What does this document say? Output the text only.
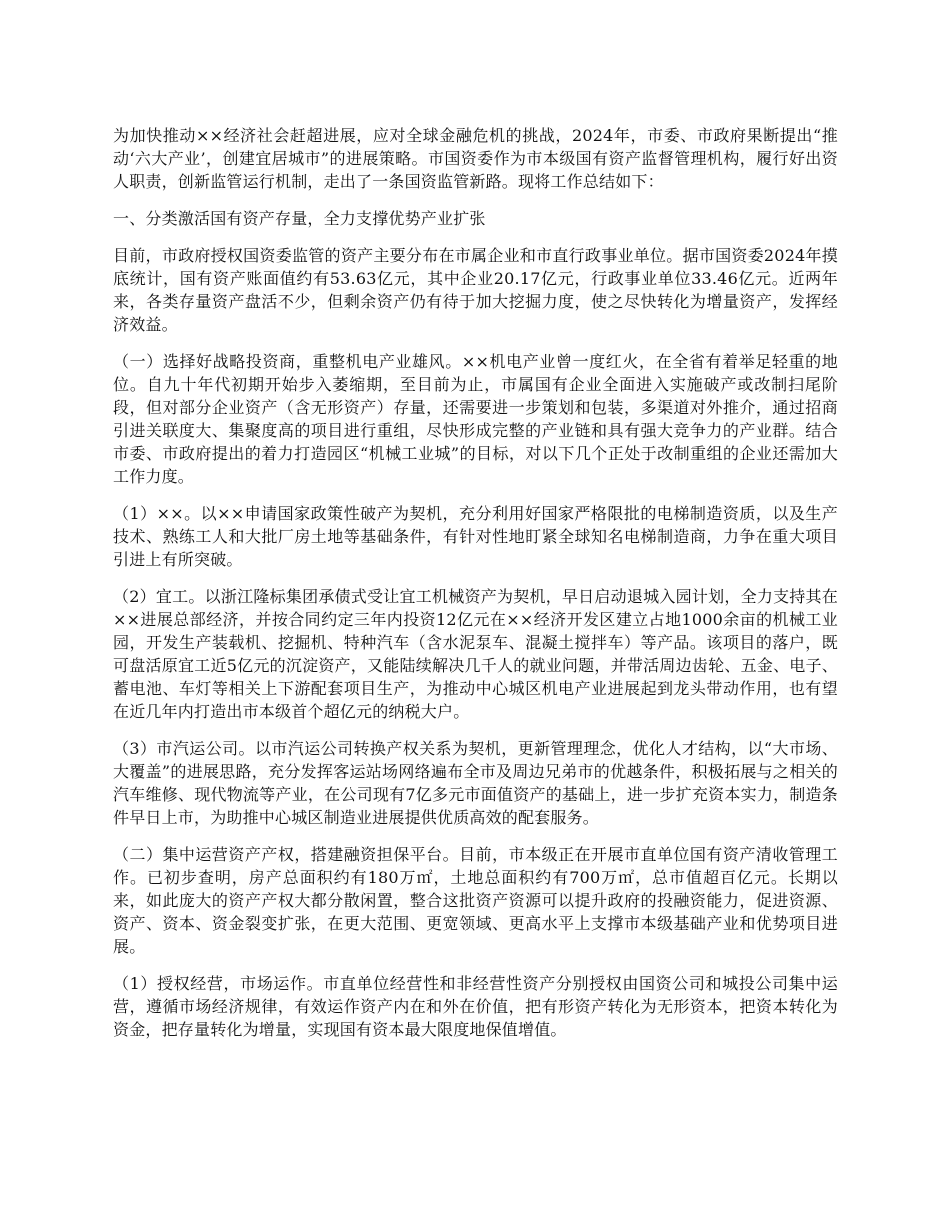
为加快推动××经济社会赶超进展，应对全球金融危机的挑战，2024年，市委、市政府果断提出“推动‘六大产业’，创建宜居城市”的进展策略。市国资委作为市本级国有资产监督管理机构，履行好出资人职责，创新监管运行机制，走出了一条国资监管新路。现将工作总结如下：

一、分类激活国有资产存量，全力支撑优势产业扩张

目前，市政府授权国资委监管的资产主要分布在市属企业和市直行政事业单位。据市国资委2024年摸底统计，国有资产账面值约有53.63亿元，其中企业20.17亿元，行政事业单位33.46亿元。近两年来，各类存量资产盘活不少，但剩余资产仍有待于加大挖掘力度，使之尽快转化为增量资产，发挥经济效益。

（一）选择好战略投资商，重整机电产业雄风。××机电产业曾一度红火，在全省有着举足轻重的地位。自九十年代初期开始步入萎缩期，至目前为止，市属国有企业全面进入实施破产或改制扫尾阶段，但对部分企业资产（含无形资产）存量，还需要进一步策划和包装，多渠道对外推介，通过招商引进关联度大、集聚度高的项目进行重组，尽快形成完整的产业链和具有强大竞争力的产业群。结合市委、市政府提出的着力打造园区“机械工业城”的目标，对以下几个正处于改制重组的企业还需加大工作力度。

（1）××。以××申请国家政策性破产为契机，充分利用好国家严格限批的电梯制造资质，以及生产技术、熟练工人和大批厂房土地等基础条件，有针对性地盯紧全球知名电梯制造商，力争在重大项目引进上有所突破。

（2）宜工。以浙江隆标集团承债式受让宜工机械资产为契机，早日启动退城入园计划，全力支持其在××进展总部经济，并按合同约定三年内投资12亿元在××经济开发区建立占地1000余亩的机械工业园，开发生产装载机、挖掘机、特种汽车（含水泥泵车、混凝土搅拌车）等产品。该项目的落户，既可盘活原宜工近5亿元的沉淀资产，又能陆续解决几千人的就业问题，并带活周边齿轮、五金、电子、蓄电池、车灯等相关上下游配套项目生产，为推动中心城区机电产业进展起到龙头带动作用，也有望在近几年内打造出市本级首个超亿元的纳税大户。

（3）市汽运公司。以市汽运公司转换产权关系为契机，更新管理理念，优化人才结构，以“大市场、大覆盖”的进展思路，充分发挥客运站场网络遍布全市及周边兄弟市的优越条件，积极拓展与之相关的汽车维修、现代物流等产业，在公司现有7亿多元市面值资产的基础上，进一步扩充资本实力，制造条件早日上市，为助推中心城区制造业进展提供优质高效的配套服务。

（二）集中运营资产产权，搭建融资担保平台。目前，市本级正在开展市直单位国有资产清收管理工作。已初步查明，房产总面积约有180万㎡，土地总面积约有700万㎡，总市值超百亿元。长期以来，如此庞大的资产产权大都分散闲置，整合这批资产资源可以提升政府的投融资能力，促进资源、资产、资本、资金裂变扩张，在更大范围、更宽领域、更高水平上支撑市本级基础产业和优势项目进展。

（1）授权经营，市场运作。市直单位经营性和非经营性资产分别授权由国资公司和城投公司集中运营，遵循市场经济规律，有效运作资产内在和外在价值，把有形资产转化为无形资本，把资本转化为资金，把存量转化为增量，实现国有资本最大限度地保值增值。
